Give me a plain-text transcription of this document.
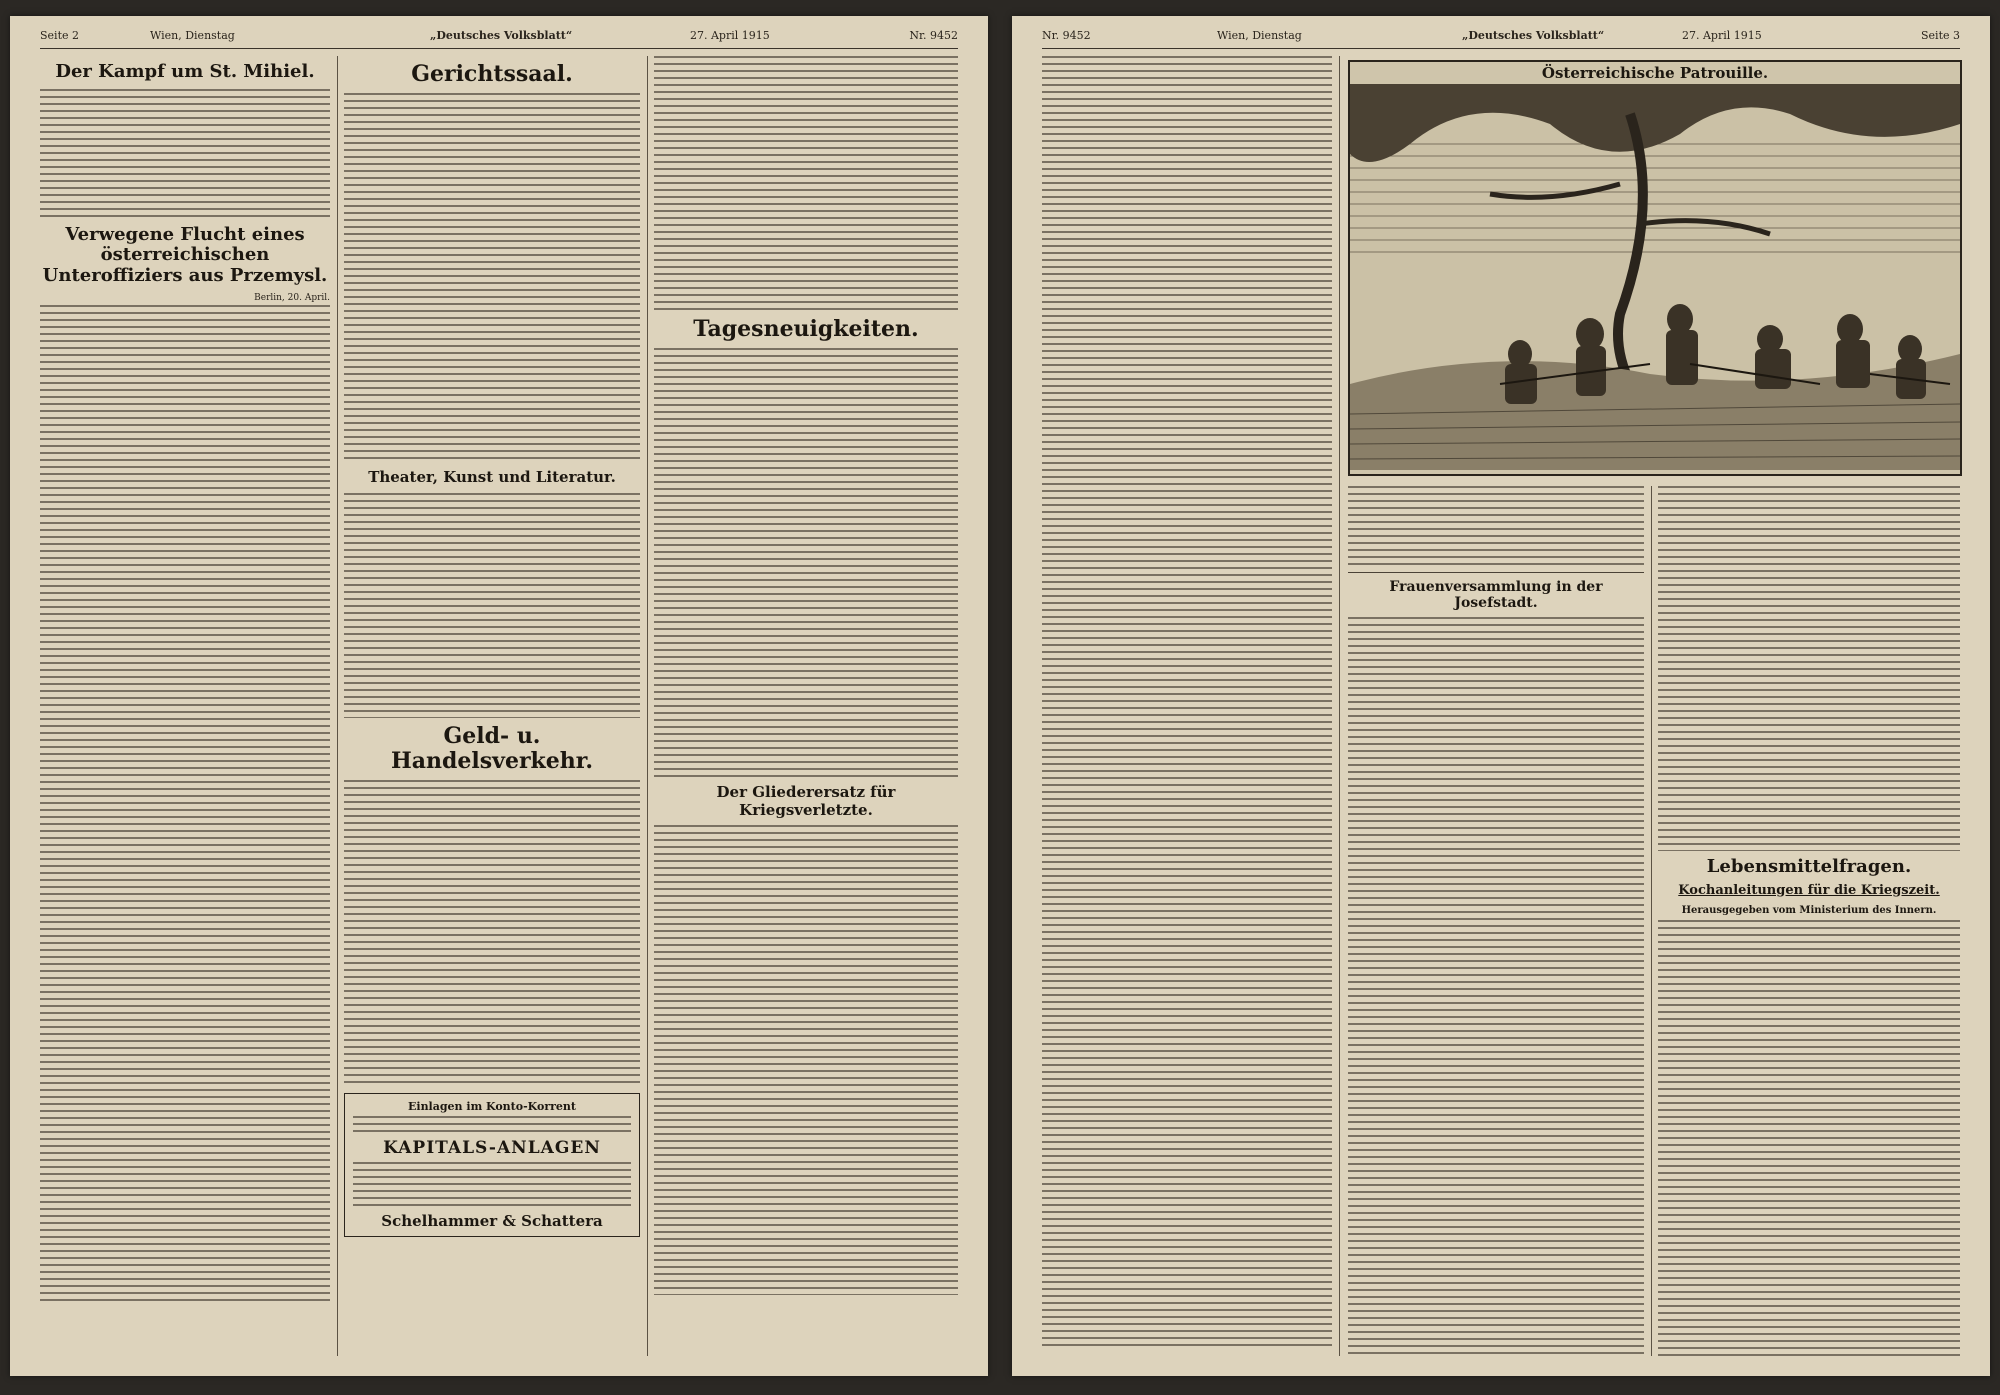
Seite 2	Wien, Dienstag	„Deutsches Volksblatt“	27. April 1915	Nr. 9452
Der Kampf um St. Mihiel.
Verwegene Flucht eines österreichischen Unteroffiziers aus Przemysl.
Berlin, 20. April.
Gerichtssaal.
Theater, Kunst und Literatur.
Geld- u. Handelsverkehr.
Einlagen im Konto-Korrent
KAPITALS-ANLAGEN
Schelhammer & Schattera
Tagesneuigkeiten.
Der Gliederersatz für Kriegsverletzte.
Nr. 9452	Wien, Dienstag	„Deutsches Volksblatt“	27. April 1915	Seite 3
Österreichische Patrouille.
Frauenversammlung in der Josefstadt.
Lebensmittelfragen.
Kochanleitungen für die Kriegszeit.
Herausgegeben vom Ministerium des Innern.
